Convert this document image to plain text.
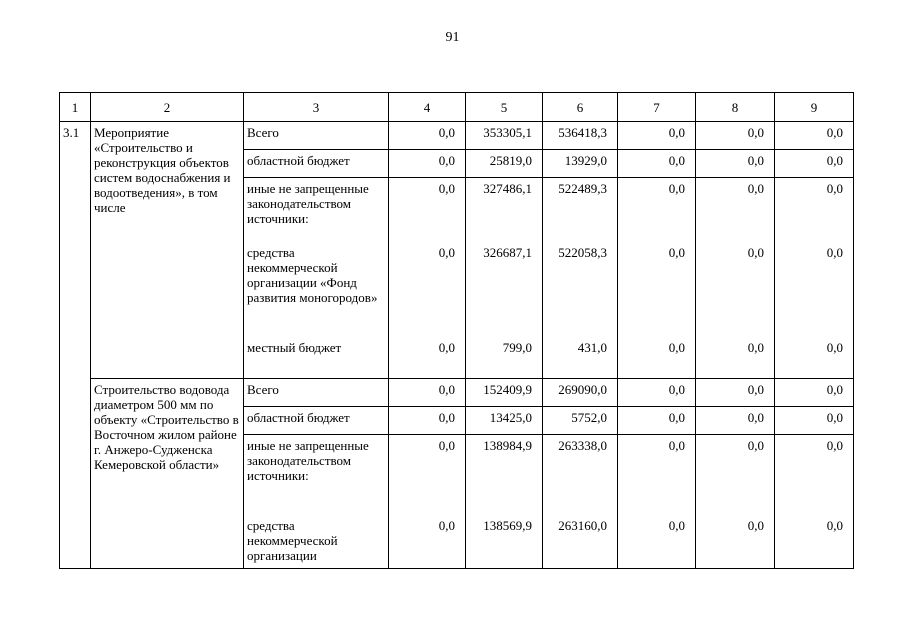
91
1	2	3	4	5	6	7	8	9
3.1	Мероприятие «Строительство и реконструкция объектов систем водоснабжения и водоотведения», в том числе	Всего	0,0	353305,1	536418,3	0,0	0,0	0,0
		областной бюджет	0,0	25819,0	13929,0	0,0	0,0	0,0
		иные не запрещенные законодательством источники:	0,0	327486,1	522489,3	0,0	0,0	0,0
		средства некоммерческой организации «Фонд развития моногородов»	0,0	326687,1	522058,3	0,0	0,0	0,0
		местный бюджет	0,0	799,0	431,0	0,0	0,0	0,0
	Строительство водовода диаметром 500 мм по объекту «Строительство в Восточном жилом районе г. Анжеро-Судженска Кемеровской области»	Всего	0,0	152409,9	269090,0	0,0	0,0	0,0
		областной бюджет	0,0	13425,0	5752,0	0,0	0,0	0,0
		иные не запрещенные законодательством источники:	0,0	138984,9	263338,0	0,0	0,0	0,0
		средства некоммерческой организации	0,0	138569,9	263160,0	0,0	0,0	0,0
